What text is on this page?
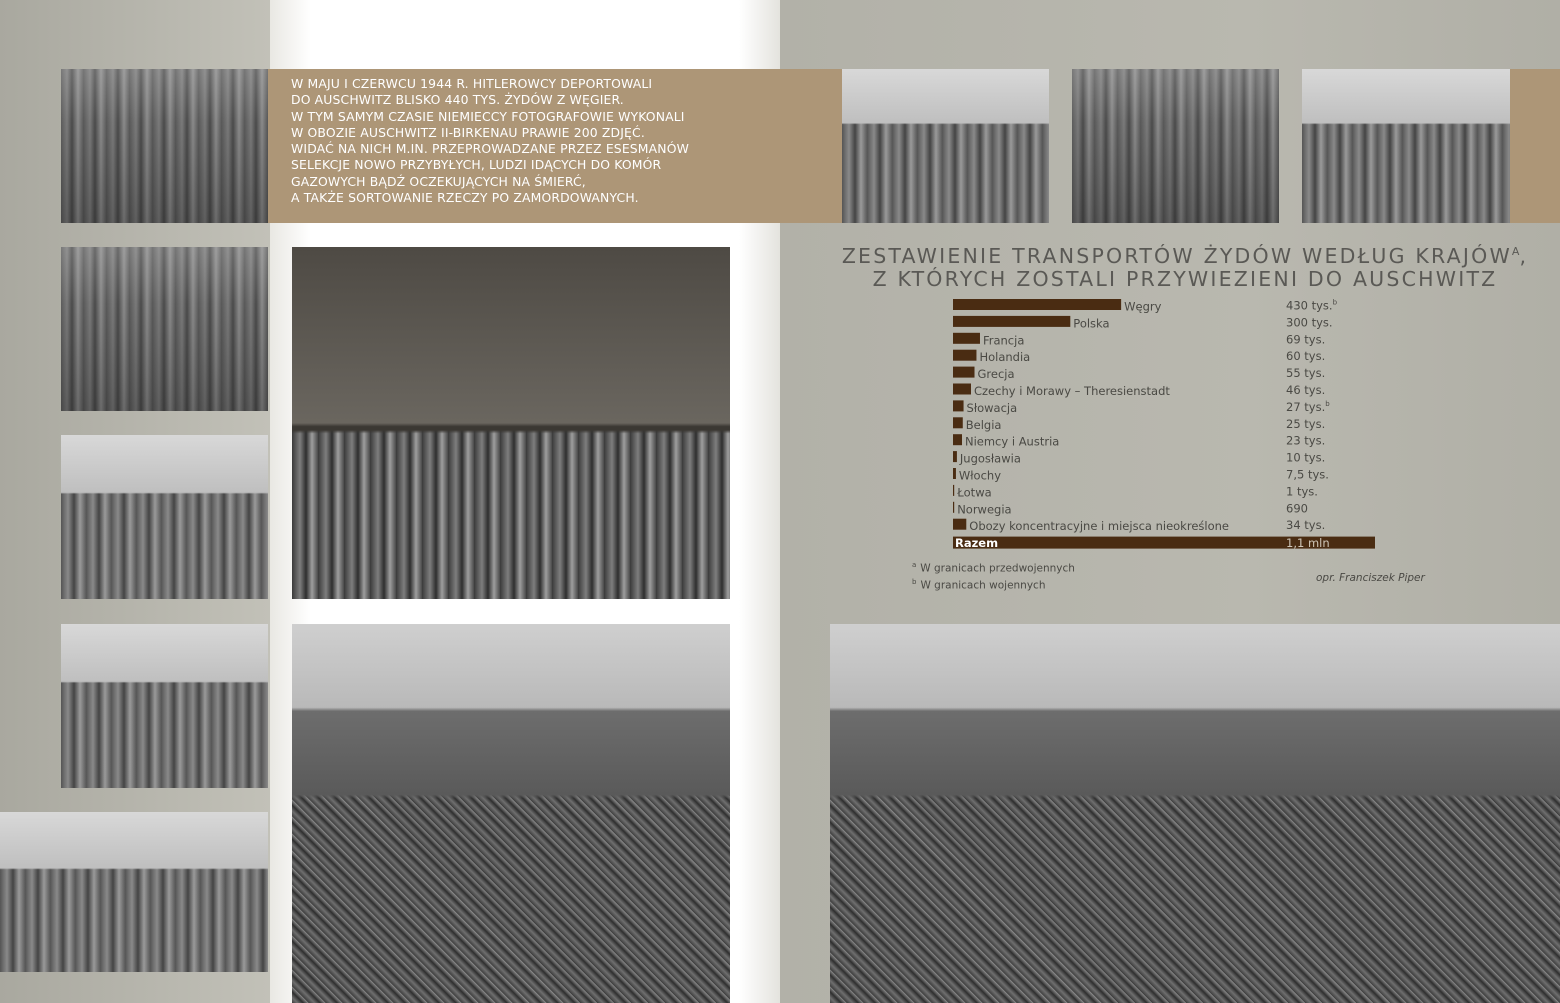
W MAJU I CZERWCU 1944 R. HITLEROWCY DEPORTOWALI
DO AUSCHWITZ BLISKO 440 TYS. ŻYDÓW Z WĘGIER.
W TYM SAMYM CZASIE NIEMIECCY FOTOGRAFOWIE WYKONALI
W OBOZIE AUSCHWITZ II-BIRKENAU PRAWIE 200 ZDJĘĆ.
WIDAĆ NA NICH M.IN. PRZEPROWADZANE PRZEZ ESESMANÓW
SELEKCJE NOWO PRZYBYŁYCH, LUDZI IDĄCYCH DO KOMÓR
GAZOWYCH BĄDŹ OCZEKUJĄCYCH NA ŚMIERĆ,
A TAKŻE SORTOWANIE RZECZY PO ZAMORDOWANYCH.
ZESTAWIENIE TRANSPORTÓW ŻYDÓW WEDŁUG $KRAJÓW^A$,
Z KTÓRYCH ZOSTALI PRZYWIEZIENI DO AUSCHWITZ
Węgry	430 tys.$^b$
Polska	300 tys.
Francja	69 tys.
Holandia	60 tys.
Grecja	55 tys.
Czechy i Morawy – Theresienstadt	46 tys.
Słowacja	27 tys.$^b$
Belgia	25 tys.
Niemcy i Austria	23 tys.
Jugosławia	10 tys.
Włochy	7,5 tys.
Łotwa	1 tys.
Norwegia	690
Obozy koncentracyjne i miejsca nieokreślone	34 tys.
Razem	1,1 mln
$^a$ W granicach przedwojennych
$^b$ W granicach wojennych
opr. Franciszek Piper
